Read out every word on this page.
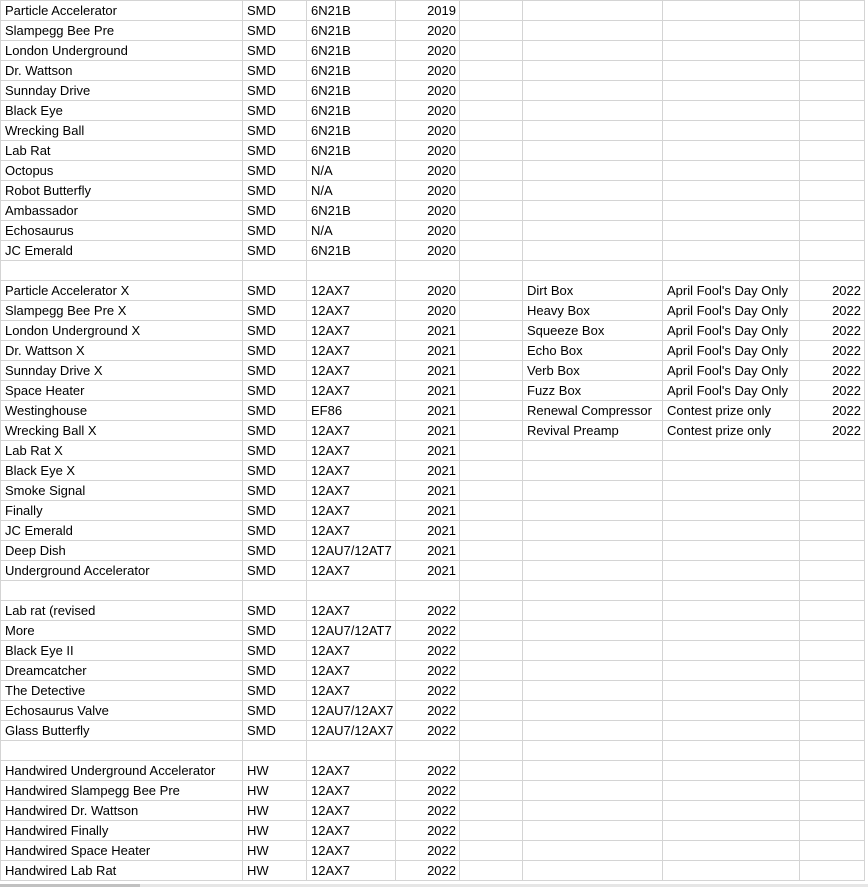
Particle Accelerator	SMD	6N21B	2019				
Slampegg Bee Pre	SMD	6N21B	2020				
London Underground	SMD	6N21B	2020				
Dr. Wattson	SMD	6N21B	2020				
Sunnday Drive	SMD	6N21B	2020				
Black Eye	SMD	6N21B	2020				
Wrecking Ball	SMD	6N21B	2020				
Lab Rat	SMD	6N21B	2020				
Octopus	SMD	N/A	2020				
Robot Butterfly	SMD	N/A	2020				
Ambassador	SMD	6N21B	2020				
Echosaurus	SMD	N/A	2020				
JC Emerald	SMD	6N21B	2020				

Particle Accelerator X	SMD	12AX7	2020		Dirt Box	April Fool's Day Only	2022
Slampegg Bee Pre X	SMD	12AX7	2020		Heavy Box	April Fool's Day Only	2022
London Underground X	SMD	12AX7	2021		Squeeze Box	April Fool's Day Only	2022
Dr. Wattson X	SMD	12AX7	2021		Echo Box	April Fool's Day Only	2022
Sunnday Drive X	SMD	12AX7	2021		Verb Box	April Fool's Day Only	2022
Space Heater	SMD	12AX7	2021		Fuzz Box	April Fool's Day Only	2022
Westinghouse	SMD	EF86	2021		Renewal Compressor	Contest prize only	2022
Wrecking Ball X	SMD	12AX7	2021		Revival Preamp	Contest prize only	2022
Lab Rat X	SMD	12AX7	2021				
Black Eye X	SMD	12AX7	2021				
Smoke Signal	SMD	12AX7	2021				
Finally	SMD	12AX7	2021				
JC Emerald	SMD	12AX7	2021				
Deep Dish	SMD	12AU7/12AT7	2021				
Underground Accelerator	SMD	12AX7	2021				

Lab rat (revised	SMD	12AX7	2022				
More	SMD	12AU7/12AT7	2022				
Black Eye II	SMD	12AX7	2022				
Dreamcatcher	SMD	12AX7	2022				
The Detective	SMD	12AX7	2022				
Echosaurus Valve	SMD	12AU7/12AX7	2022				
Glass Butterfly	SMD	12AU7/12AX7	2022				

Handwired Underground Accelerator	HW	12AX7	2022				
Handwired Slampegg Bee Pre	HW	12AX7	2022				
Handwired Dr. Wattson	HW	12AX7	2022				
Handwired Finally	HW	12AX7	2022				
Handwired Space Heater	HW	12AX7	2022				
Handwired Lab Rat	HW	12AX7	2022				
